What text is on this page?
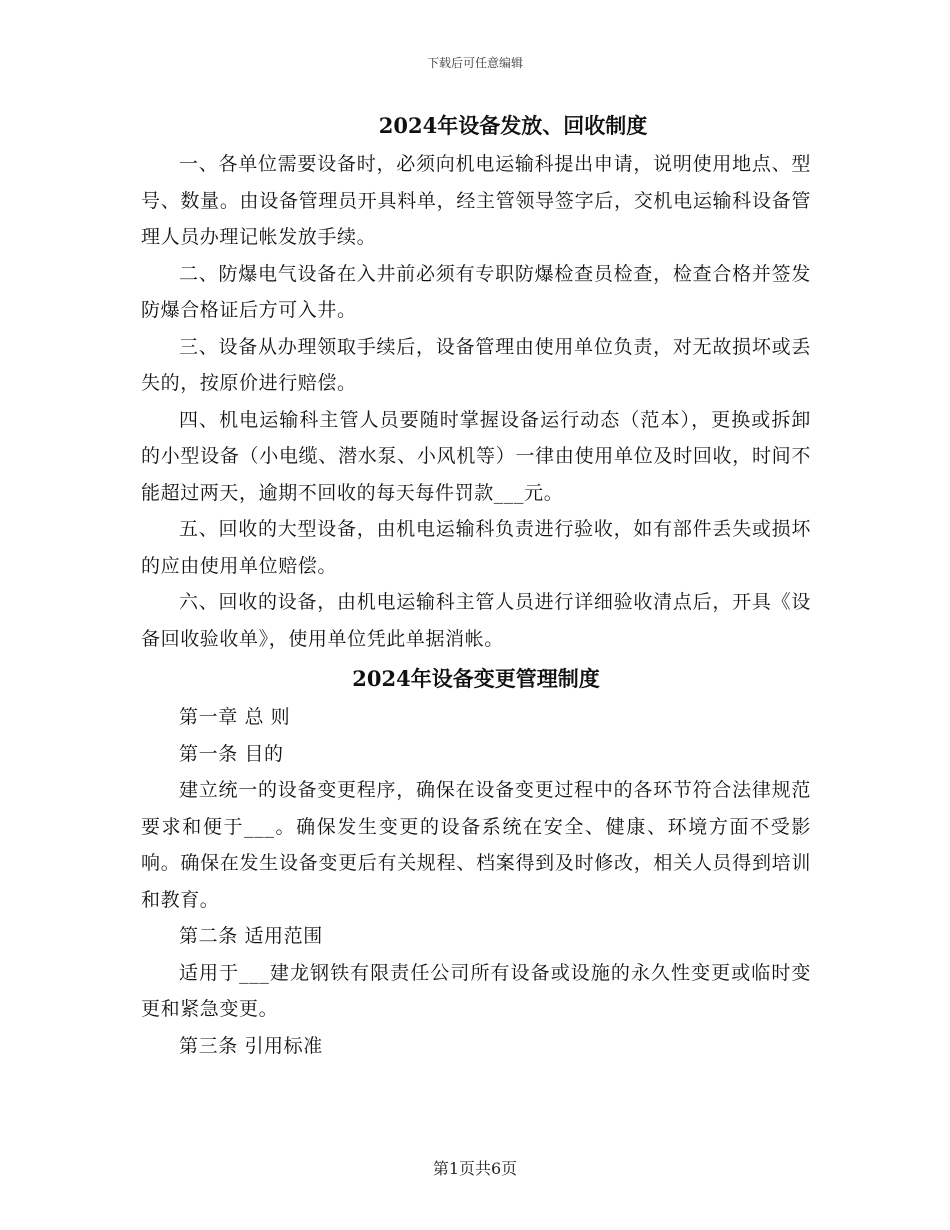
下载后可任意编辑
2024年设备发放、回收制度

一、各单位需要设备时，必须向机电运输科提出申请，说明使用地点、型号、数量。由设备管理员开具料单，经主管领导签字后，交机电运输科设备管理人员办理记帐发放手续。

二、防爆电气设备在入井前必须有专职防爆检查员检查，检查合格并签发防爆合格证后方可入井。

三、设备从办理领取手续后，设备管理由使用单位负责，对无故损坏或丢失的，按原价进行赔偿。

四、机电运输科主管人员要随时掌握设备运行动态（范本），更换或拆卸的小型设备（小电缆、潜水泵、小风机等）一律由使用单位及时回收，时间不能超过两天，逾期不回收的每天每件罚款___元。

五、回收的大型设备，由机电运输科负责进行验收，如有部件丢失或损坏的应由使用单位赔偿。

六、回收的设备，由机电运输科主管人员进行详细验收清点后，开具《设备回收验收单》，使用单位凭此单据消帐。

2024年设备变更管理制度

第一章 总 则

第一条 目的

建立统一的设备变更程序，确保在设备变更过程中的各环节符合法律规范要求和便于___。确保发生变更的设备系统在安全、健康、环境方面不受影响。确保在发生设备变更后有关规程、档案得到及时修改，相关人员得到培训和教育。

第二条 适用范围

适用于___建龙钢铁有限责任公司所有设备或设施的永久性变更或临时变更和紧急变更。

第三条 引用标准

第1页共6页
